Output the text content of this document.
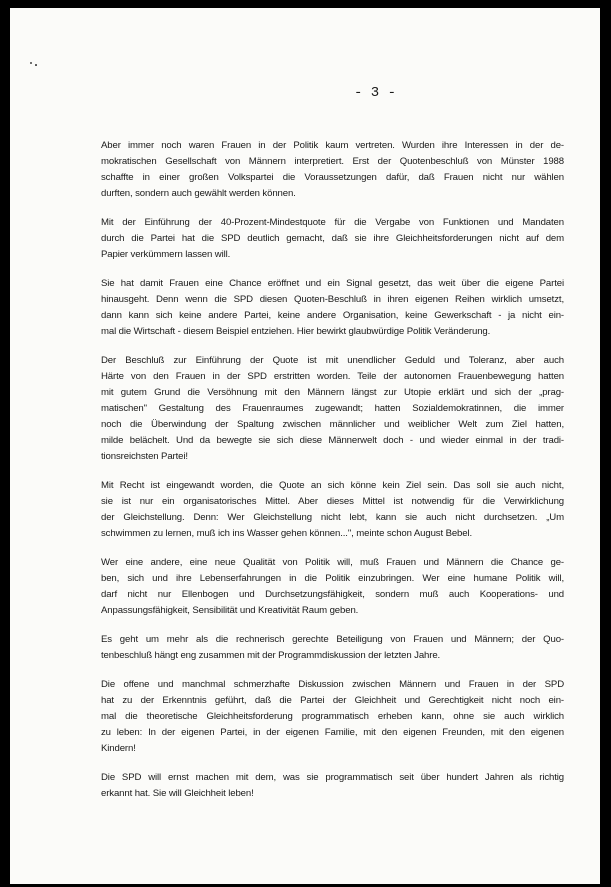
- 3 -
Aber immer noch waren Frauen in der Politik kaum vertreten. Wurden ihre Interessen in der de-
mokratischen Gesellschaft von Männern interpretiert. Erst der Quotenbeschluß von Münster 1988
schaffte in einer großen Volkspartei die Voraussetzungen dafür, daß Frauen nicht nur wählen
durften, sondern auch gewählt werden können.
Mit der Einführung der 40-Prozent-Mindestquote für die Vergabe von Funktionen und Mandaten
durch die Partei hat die SPD deutlich gemacht, daß sie ihre Gleichheitsforderungen nicht auf dem
Papier verkümmern lassen will.
Sie hat damit Frauen eine Chance eröffnet und ein Signal gesetzt, das weit über die eigene Partei
hinausgeht. Denn wenn die SPD diesen Quoten-Beschluß in ihren eigenen Reihen wirklich umsetzt,
dann kann sich keine andere Partei, keine andere Organisation, keine Gewerkschaft - ja nicht ein-
mal die Wirtschaft - diesem Beispiel entziehen. Hier bewirkt glaubwürdige Politik Veränderung.
Der Beschluß zur Einführung der Quote ist mit unendlicher Geduld und Toleranz, aber auch
Härte von den Frauen in der SPD erstritten worden. Teile der autonomen Frauenbewegung hatten
mit gutem Grund die Versöhnung mit den Männern längst zur Utopie erklärt und sich der „prag-
matischen" Gestaltung des Frauenraumes zugewandt; hatten Sozialdemokratinnen, die immer
noch die Überwindung der Spaltung zwischen männlicher und weiblicher Welt zum Ziel hatten,
milde belächelt. Und da bewegte sie sich diese Männerwelt doch - und wieder einmal in der tradi-
tionsreichsten Partei!
Mit Recht ist eingewandt worden, die Quote an sich könne kein Ziel sein. Das soll sie auch nicht,
sie ist nur ein organisatorisches Mittel. Aber dieses Mittel ist notwendig für die Verwirklichung
der Gleichstellung. Denn: Wer Gleichstellung nicht lebt, kann sie auch nicht durchsetzen. „Um
schwimmen zu lernen, muß ich ins Wasser gehen können...", meinte schon August Bebel.
Wer eine andere, eine neue Qualität von Politik will, muß Frauen und Männern die Chance ge-
ben, sich und ihre Lebenserfahrungen in die Politik einzubringen. Wer eine humane Politik will,
darf nicht nur Ellenbogen und Durchsetzungsfähigkeit, sondern muß auch Kooperations- und
Anpassungsfähigkeit, Sensibilität und Kreativität Raum geben.
Es geht um mehr als die rechnerisch gerechte Beteiligung von Frauen und Männern; der Quo-
tenbeschluß hängt eng zusammen mit der Programmdiskussion der letzten Jahre.
Die offene und manchmal schmerzhafte Diskussion zwischen Männern und Frauen in der SPD
hat zu der Erkenntnis geführt, daß die Partei der Gleichheit und Gerechtigkeit nicht noch ein-
mal die theoretische Gleichheitsforderung programmatisch erheben kann, ohne sie auch wirklich
zu leben: In der eigenen Partei, in der eigenen Familie, mit den eigenen Freunden, mit den eigenen
Kindern!
Die SPD will ernst machen mit dem, was sie programmatisch seit über hundert Jahren als richtig
erkannt hat. Sie will Gleichheit leben!
